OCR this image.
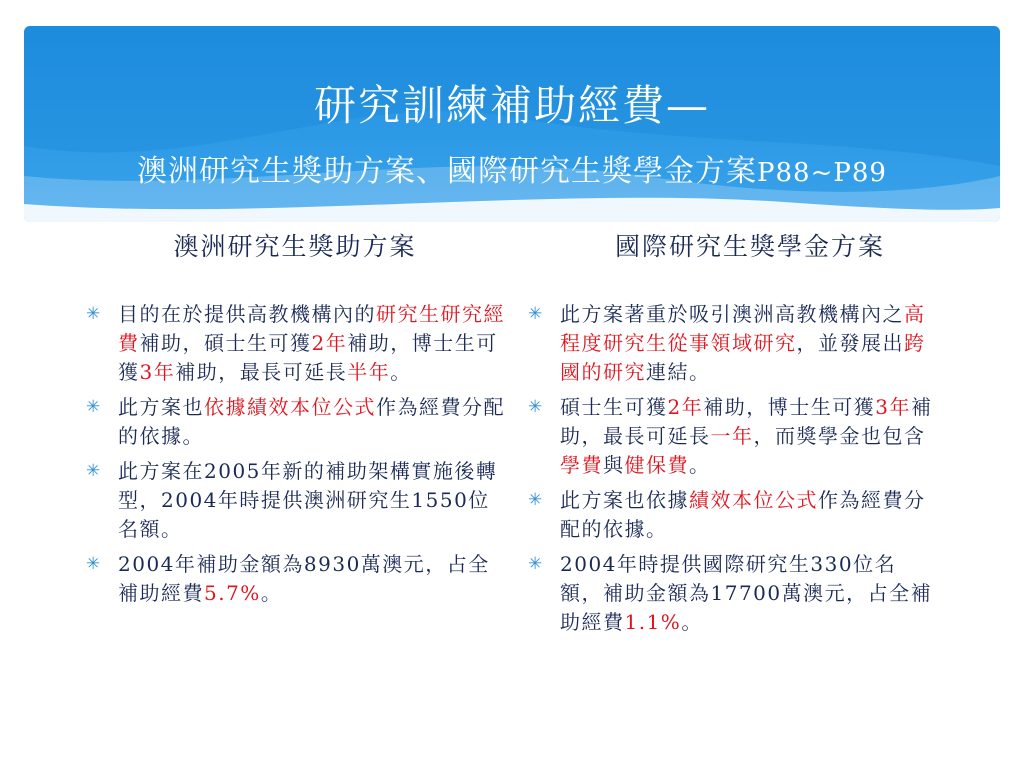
研究訓練補助經費—
澳洲研究生獎助方案、國際研究生獎學金方案P88~P89
澳洲研究生獎助方案	國際研究生獎學金方案
✳ 目的在於提供高教機構內的研究生研究經費補助，碩士生可獲2年補助，博士生可獲3年補助，最長可延長半年。
✳ 此方案也依據績效本位公式作為經費分配的依據。
✳ 此方案在2005年新的補助架構實施後轉型，2004年時提供澳洲研究生1550位名額。
✳ 2004年補助金額為8930萬澳元，占全補助經費5.7%。
✳ 此方案著重於吸引澳洲高教機構內之高程度研究生從事領域研究，並發展出跨國的研究連結。
✳ 碩士生可獲2年補助，博士生可獲3年補助，最長可延長一年，而獎學金也包含學費與健保費。
✳ 此方案也依據績效本位公式作為經費分配的依據。
✳ 2004年時提供國際研究生330位名額，補助金額為17700萬澳元，占全補助經費1.1%。
